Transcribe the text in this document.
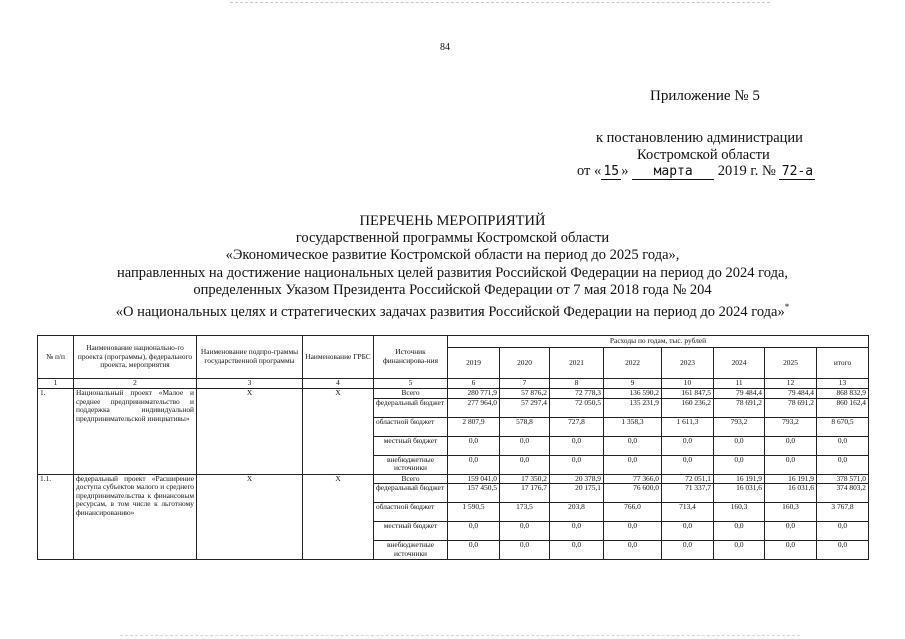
84
Приложение № 5
к постановлению администрации
Костромской области
от « 15 » марта 2019 г. № 72-а
ПЕРЕЧЕНЬ МЕРОПРИЯТИЙ
государственной программы Костромской области
«Экономическое развитие Костромской области на период до 2025 года»,
направленных на достижение национальных целей развития Российской Федерации на период до 2024 года,
определенных Указом Президента Российской Федерации от 7 мая 2018 года № 204
«О национальных целях и стратегических задачах развития Российской Федерации на период до 2024 года»*
№ п/п	Наименование национально-го проекта (программы), федерального проекта, мероприятия	Наименование подпро-граммы государственной программы	Наименование ГРБС	Источник финансирова-ния	Расходы по годам, тыс. рублей							
					2019	2020	2021	2022	2023	2024	2025	итого
1	2	3	4	5	6	7	8	9	10	11	12	13
1.	Национальный проект «Малое и среднее предпринимательство и поддержка индивидуальной предпринимательской инициативы»	X	X	Всего	280 771,9	57 876,2	72 778,3	136 590,2	161 847,5	79 484,4	79 484,4	868 832,9
				федеральный бюджет	277 964,0	57 297,4	72 050,5	135 231,9	160 236,2	78 691,2	78 691,2	860 162,4
				областной бюджет	2 807,9	578,8	727,8	1 358,3	1 611,3	793,2	793,2	8 670,5
				местный бюджет	0,0	0,0	0,0	0,0	0,0	0,0	0,0	0,0
				внебюджетные источники	0,0	0,0	0,0	0,0	0,0	0,0	0,0	0,0
1.1.	федеральный проект «Расширение доступа субъектов малого и среднего предпринимательства к финансовым ресурсам, в том числе к льготному финансированию»	X	X	Всего	159 041,0	17 350,2	20 378,9	77 366,0	72 051,1	16 191,9	16 191,9	378 571,0
				федеральный бюджет	157 450,5	17 176,7	20 175,1	76 600,0	71 337,7	16 031,6	16 031,6	374 803,2
				областной бюджет	1 590,5	173,5	203,8	766,0	713,4	160,3	160,3	3 767,8
				местный бюджет	0,0	0,0	0,0	0,0	0,0	0,0	0,0	0,0
				внебюджетные источники	0,0	0,0	0,0	0,0	0,0	0,0	0,0	0,0
